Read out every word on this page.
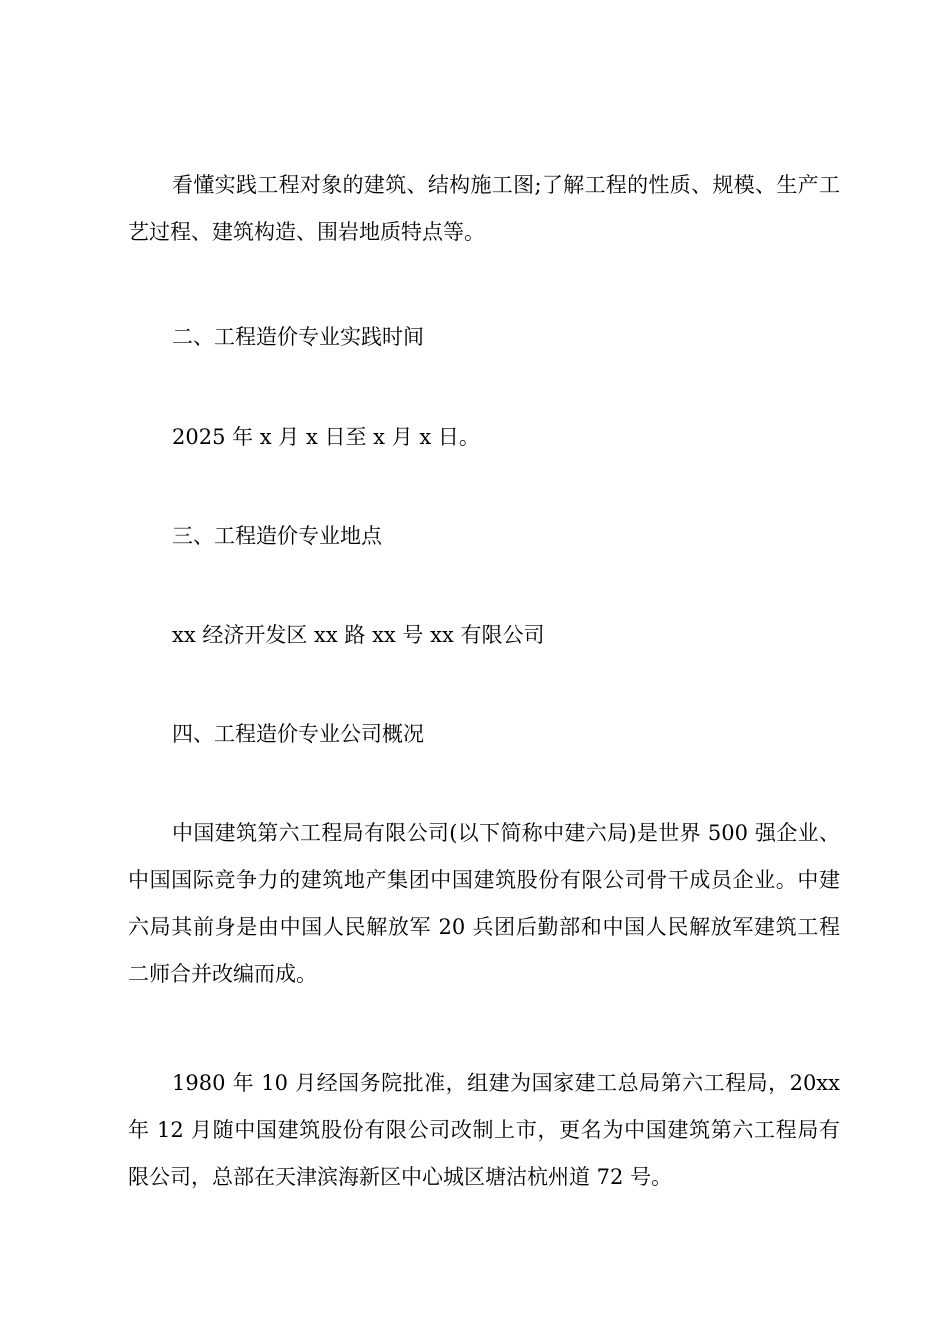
看懂实践工程对象的建筑、结构施工图;了解工程的性质、规模、生产工艺过程、建筑构造、围岩地质特点等。

二、工程造价专业实践时间

2025 年 x 月 x 日至 x 月 x 日。

三、工程造价专业地点

xx 经济开发区 xx 路 xx 号 xx 有限公司

四、工程造价专业公司概况

中国建筑第六工程局有限公司(以下简称中建六局)是世界 500 强企业、中国国际竞争力的建筑地产集团中国建筑股份有限公司骨干成员企业。中建六局其前身是由中国人民解放军 20 兵团后勤部和中国人民解放军建筑工程二师合并改编而成。

1980 年 10 月经国务院批准，组建为国家建工总局第六工程局，20xx 年 12 月随中国建筑股份有限公司改制上市，更名为中国建筑第六工程局有限公司，总部在天津滨海新区中心城区塘沽杭州道 72 号。
